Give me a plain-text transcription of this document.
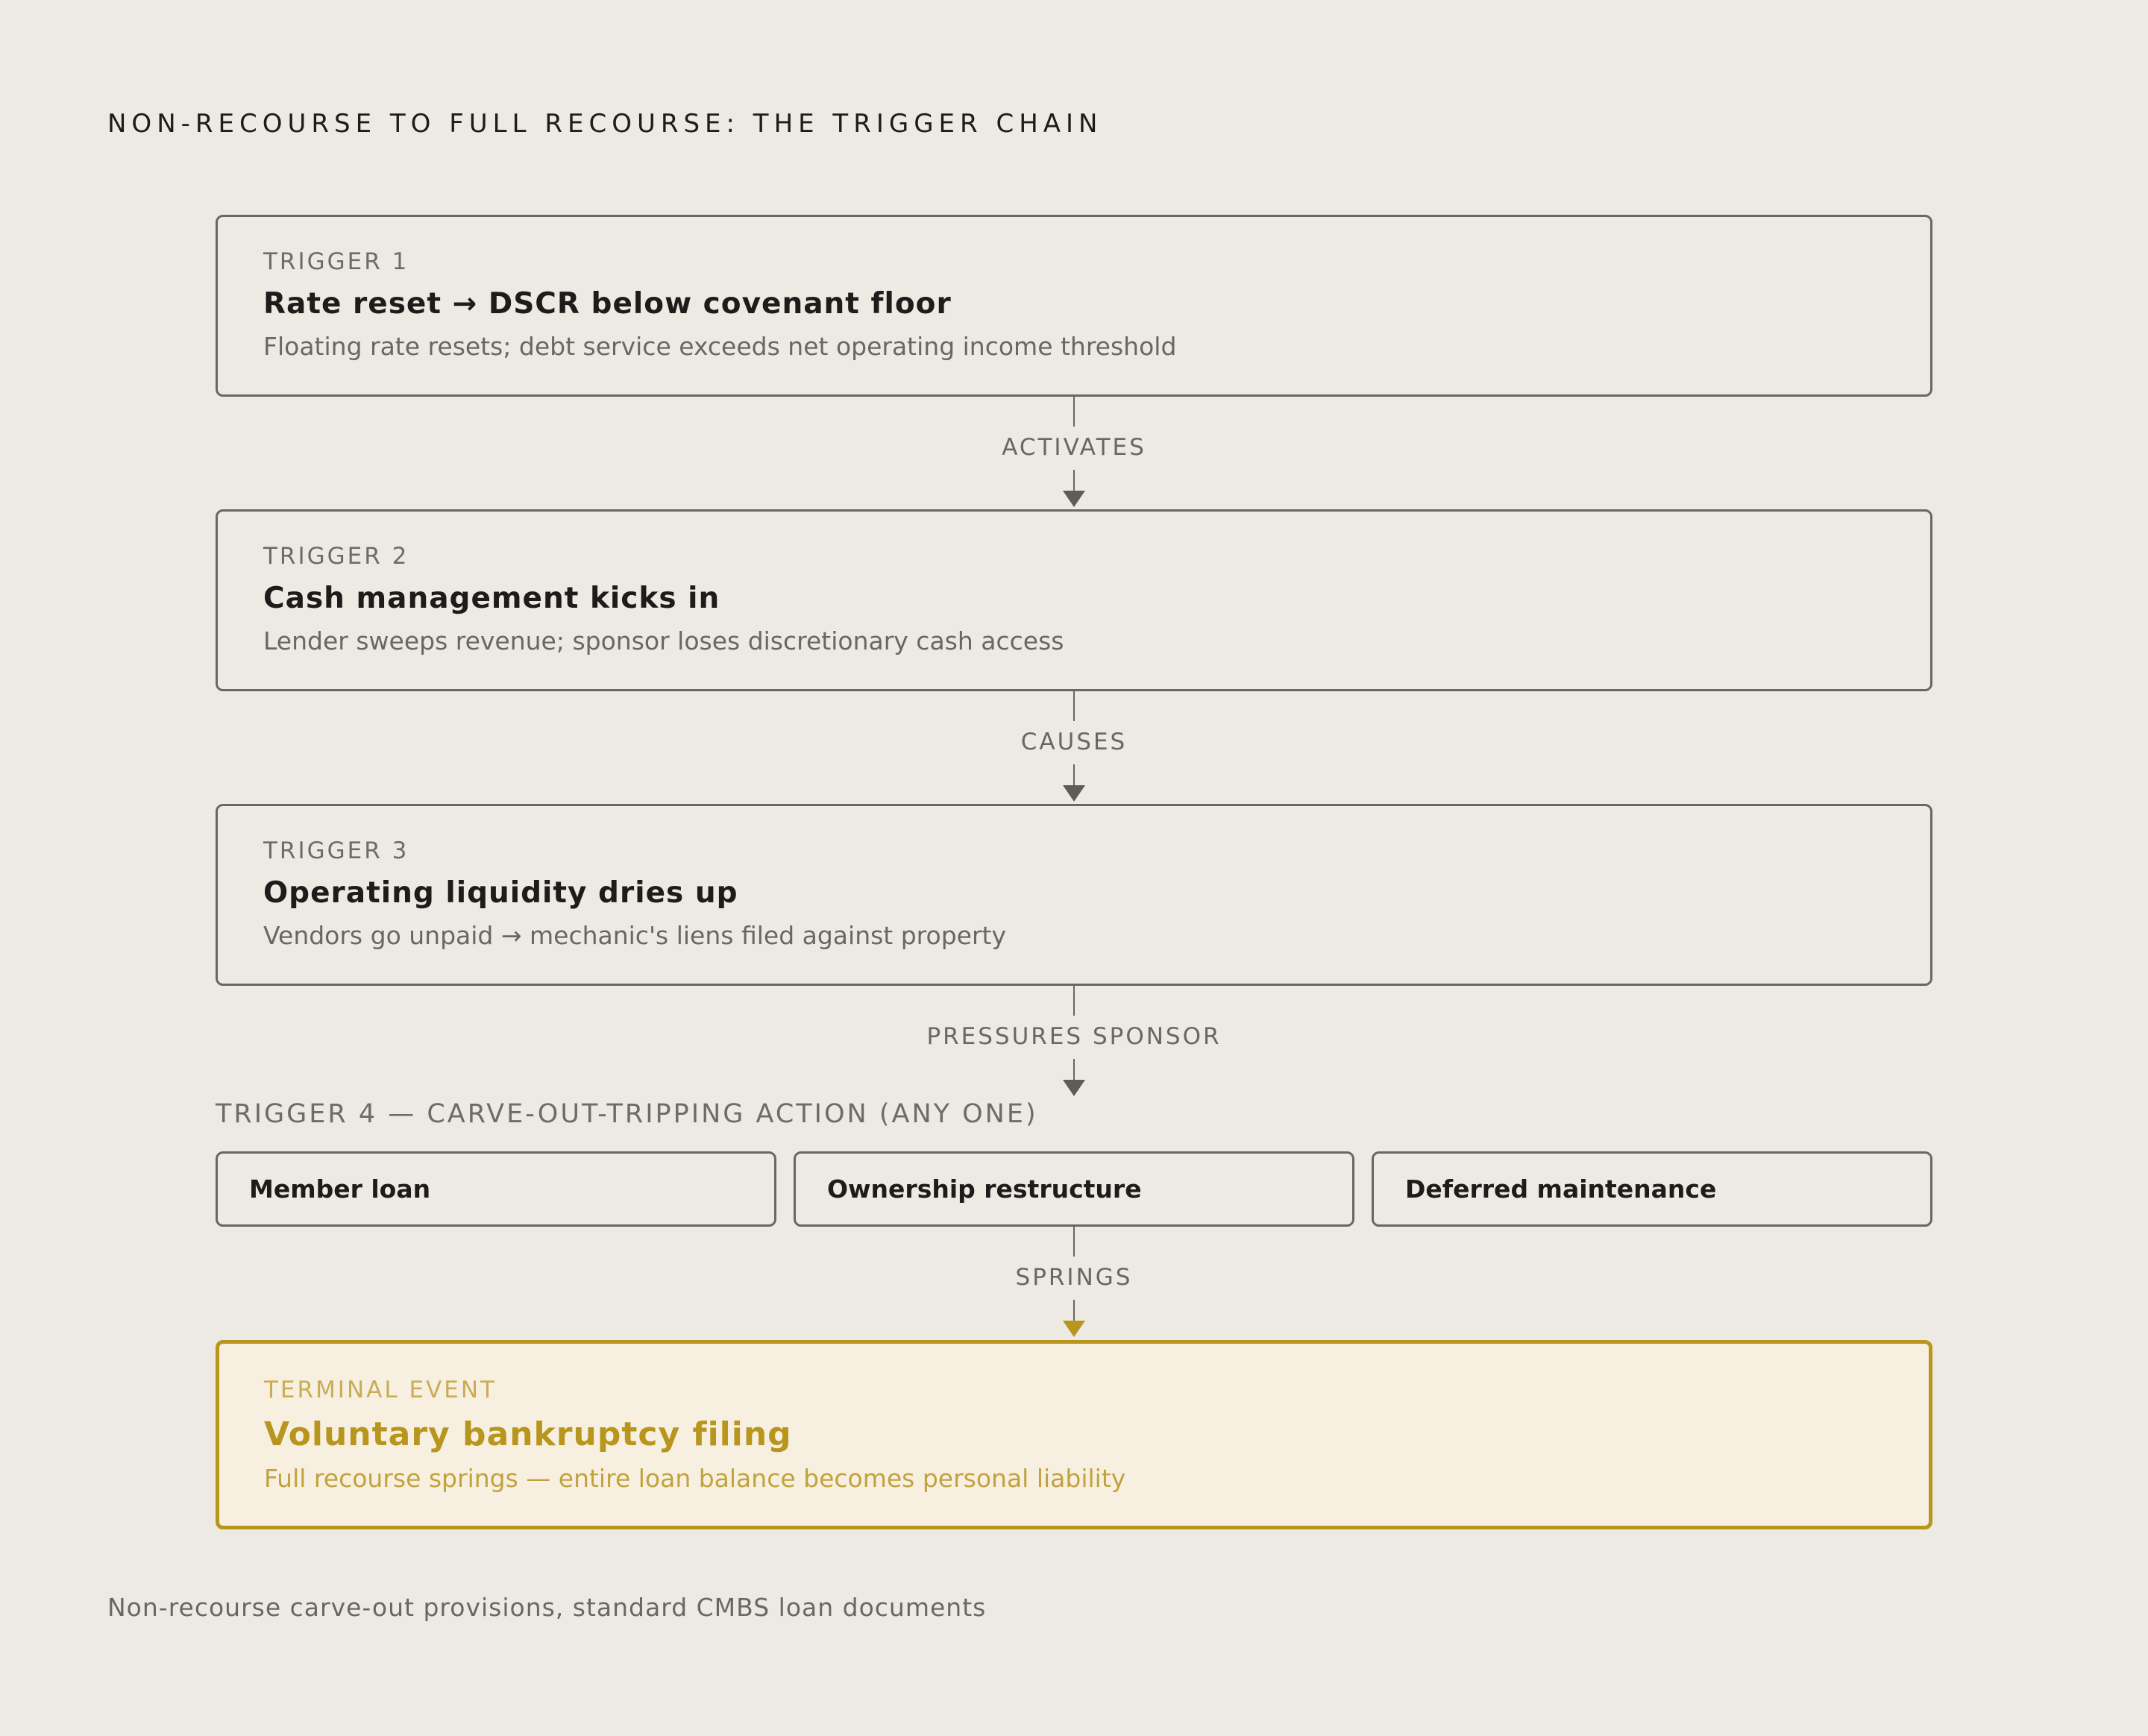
NON-RECOURSE TO FULL RECOURSE: THE TRIGGER CHAIN
TRIGGER 1
Rate reset → DSCR below covenant floor
Floating rate resets; debt service exceeds net operating income threshold
ACTIVATES
TRIGGER 2
Cash management kicks in
Lender sweeps revenue; sponsor loses discretionary cash access
CAUSES
TRIGGER 3
Operating liquidity dries up
Vendors go unpaid → mechanic's liens filed against property
PRESSURES SPONSOR
TRIGGER 4 — CARVE-OUT-TRIPPING ACTION (ANY ONE)
Member loan	Ownership restructure	Deferred maintenance
SPRINGS
TERMINAL EVENT
Voluntary bankruptcy filing
Full recourse springs — entire loan balance becomes personal liability
Non-recourse carve-out provisions, standard CMBS loan documents
